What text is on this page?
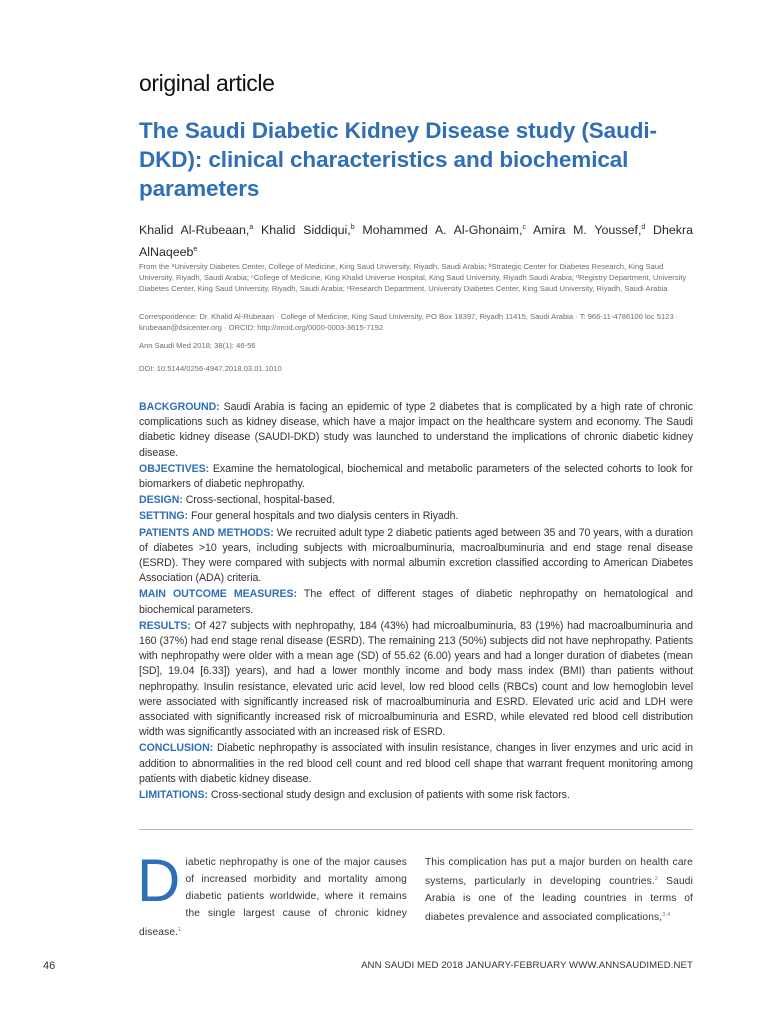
original article
The Saudi Diabetic Kidney Disease study (Saudi-DKD): clinical characteristics and biochemical parameters
Khalid Al-Rubeaan,$^a$ Khalid Siddiqui,$^b$ Mohammed A. Al-Ghonaim,$^c$ Amira M. Youssef,$^d$ Dhekra AlNaqeeb$^e$
From the ᵃUniversity Diabetes Center, College of Medicine, King Saud University, Riyadh, Saudi Arabia; ᵇStrategic Center for Diabetes Research, King Saud University, Riyadh, Saudi Arabia; ᶜCollege of Medicine, King Khalid Universe Hospital, King Saud University, Riyadh Saudi Arabia; ᵈRegistry Department, University Diabetes Center, King Saud University, Riyadh, Saudi Arabia; ᵉResearch Department, University Diabetes Center, King Saud University, Riyadh, Saudi Arabia
Correspondence: Dr. Khalid Al-Rubeaan · College of Medicine, King Saud University, PO Box 18397, Riyadh 11415, Saudi Arabia · T: 966-11-4786100 loc 5123 · krubeaan@dsicenter.org · ORCID: http://orcid.org/0000-0003-3615-7192
Ann Saudi Med 2018; 38(1): 46-56
DOI: 10.5144/0256-4947.2018.03.01.1010

BACKGROUND: Saudi Arabia is facing an epidemic of type 2 diabetes that is complicated by a high rate of chronic complications such as kidney disease, which have a major impact on the healthcare system and economy. The Saudi diabetic kidney disease (SAUDI-DKD) study was launched to understand the implications of chronic diabetic kidney disease.

OBJECTIVES: Examine the hematological, biochemical and metabolic parameters of the selected cohorts to look for biomarkers of diabetic nephropathy.

DESIGN: Cross-sectional, hospital-based.

SETTING: Four general hospitals and two dialysis centers in Riyadh.

PATIENTS AND METHODS: We recruited adult type 2 diabetic patients aged between 35 and 70 years, with a duration of diabetes >10 years, including subjects with microalbuminuria, macroalbuminuria and end stage renal disease (ESRD). They were compared with subjects with normal albumin excretion classified according to American Diabetes Association (ADA) criteria.

MAIN OUTCOME MEASURES: The effect of different stages of diabetic nephropathy on hematological and biochemical parameters.

RESULTS: Of 427 subjects with nephropathy, 184 (43%) had microalbuminuria, 83 (19%) had macroalbuminuria and 160 (37%) had end stage renal disease (ESRD). The remaining 213 (50%) subjects did not have nephropathy. Patients with nephropathy were older with a mean age (SD) of 55.62 (6.00) years and had a longer duration of diabetes (mean [SD], 19.04 [6.33]) years), and had a lower monthly income and body mass index (BMI) than patients without nephropathy. Insulin resistance, elevated uric acid level, low red blood cells (RBCs) count and low hemoglobin level were associated with significantly increased risk of macroalbuminuria and ESRD. Elevated uric acid and LDH were associated with significantly increased risk of microalbuminuria and ESRD, while elevated red blood cell distribution width was significantly associated with an increased risk of ESRD.

CONCLUSION: Diabetic nephropathy is associated with insulin resistance, changes in liver enzymes and uric acid in addition to abnormalities in the red blood cell count and red blood cell shape that warrant frequent monitoring among patients with diabetic kidney disease.

LIMITATIONS: Cross-sectional study design and exclusion of patients with some risk factors.

Diabetic nephropathy is one of the major causes of increased morbidity and mortality among diabetic patients worldwide, where it remains the single largest cause of chronic kidney disease.$^1$
This complication has put a major burden on health care systems, particularly in developing countries.$^2$ Saudi Arabia is one of the leading countries in terms of diabetes prevalence and associated complications,$^{3,4}$
46	ANN SAUDI MED 2018 JANUARY-FEBRUARY WWW.ANNSAUDIMED.NET
